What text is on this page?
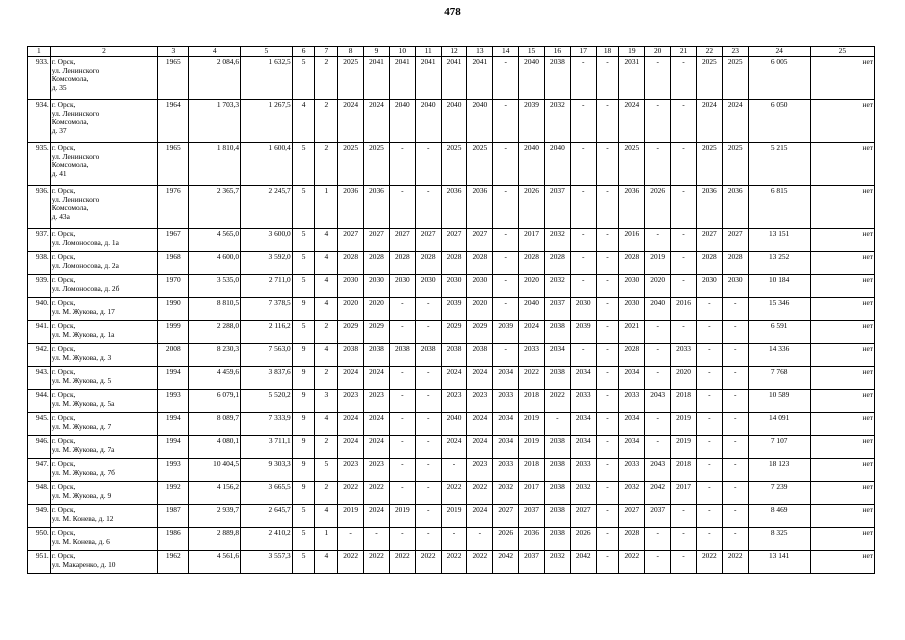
478
1	2	3	4	5	6	7	8	9	10	11	12	13	14	15	16	17	18	19	20	21	22	23	24	25
933.	г. Орск,
ул. Ленинского
Комсомола,
д. 35	1965	2 084,6	1 632,5	5	2	2025	2041	2041	2041	2041	2041	-	2040	2038	-	-	2031	-	-	2025	2025	6 005	нет
934.	г. Орск,
ул. Ленинского
Комсомола,
д. 37	1964	1 703,3	1 267,5	4	2	2024	2024	2040	2040	2040	2040	-	2039	2032	-	-	2024	-	-	2024	2024	6 050	нет
935.	г. Орск,
ул. Ленинского
Комсомола,
д. 41	1965	1 810,4	1 600,4	5	2	2025	2025	-	-	2025	2025	-	2040	2040	-	-	2025	-	-	2025	2025	5 215	нет
936.	г. Орск,
ул. Ленинского
Комсомола,
д. 43а	1976	2 365,7	2 245,7	5	1	2036	2036	-	-	2036	2036	-	2026	2037	-	-	2036	2026	-	2036	2036	6 815	нет
937.	г. Орск,
ул. Ломоносова, д. 1а	1967	4 565,0	3 600,0	5	4	2027	2027	2027	2027	2027	2027	-	2017	2032	-	-	2016	-	-	2027	2027	13 151	нет
938.	г. Орск,
ул. Ломоносова, д. 2а	1968	4 600,0	3 592,0	5	4	2028	2028	2028	2028	2028	2028	-	2028	2028	-	-	2028	2019	-	2028	2028	13 252	нет
939.	г. Орск,
ул. Ломоносова, д. 2б	1970	3 535,0	2 711,0	5	4	2030	2030	2030	2030	2030	2030	-	2020	2032	-	-	2030	2020	-	2030	2030	10 184	нет
940.	г. Орск,
ул. М. Жукова, д. 17	1990	8 810,5	7 378,5	9	4	2020	2020	-	-	2039	2020	-	2040	2037	2030	-	2030	2040	2016	-	-	15 346	нет
941.	г. Орск,
ул. М. Жукова, д. 1а	1999	2 288,0	2 116,2	5	2	2029	2029	-	-	2029	2029	2039	2024	2038	2039	-	2021	-	-	-	-	6 591	нет
942.	г. Орск,
ул. М. Жукова, д. 3	2008	8 230,3	7 563,0	9	4	2038	2038	2038	2038	2038	2038	-	2033	2034	-	-	2028	-	2033	-	-	14 336	нет
943.	г. Орск,
ул. М. Жукова, д. 5	1994	4 459,6	3 837,6	9	2	2024	2024	-	-	2024	2024	2034	2022	2038	2034	-	2034	-	2020	-	-	7 768	нет
944.	г. Орск,
ул. М. Жукова, д. 5а	1993	6 079,1	5 520,2	9	3	2023	2023	-	-	2023	2023	2033	2018	2022	2033	-	2033	2043	2018	-	-	10 589	нет
945.	г. Орск,
ул. М. Жукова, д. 7	1994	8 089,7	7 333,9	9	4	2024	2024	-	-	2040	2024	2034	2019	-	2034	-	2034	-	2019	-	-	14 091	нет
946.	г. Орск,
ул. М. Жукова, д. 7а	1994	4 080,1	3 711,1	9	2	2024	2024	-	-	2024	2024	2034	2019	2038	2034	-	2034	-	2019	-	-	7 107	нет
947.	г. Орск,
ул. М. Жукова, д. 7б	1993	10 404,5	9 303,3	9	5	2023	2023	-	-	-	2023	2033	2018	2038	2033	-	2033	2043	2018	-	-	18 123	нет
948.	г. Орск,
ул. М. Жукова, д. 9	1992	4 156,2	3 665,5	9	2	2022	2022	-	-	2022	2022	2032	2017	2038	2032	-	2032	2042	2017	-	-	7 239	нет
949.	г. Орск,
ул. М. Конева, д. 12	1987	2 939,7	2 645,7	5	4	2019	2024	2019	-	2019	2024	2027	2037	2038	2027	-	2027	2037	-	-	-	8 469	нет
950.	г. Орск,
ул. М. Конева, д. 6	1986	2 889,8	2 410,2	5	1	-	-	-	-	-	-	2026	2036	2038	2026	-	2028	-	-	-	-	8 325	нет
951.	г. Орск,
ул. Макаренко, д. 10	1962	4 561,6	3 557,3	5	4	2022	2022	2022	2022	2022	2022	2042	2037	2032	2042	-	2022	-	-	2022	2022	13 141	нет
